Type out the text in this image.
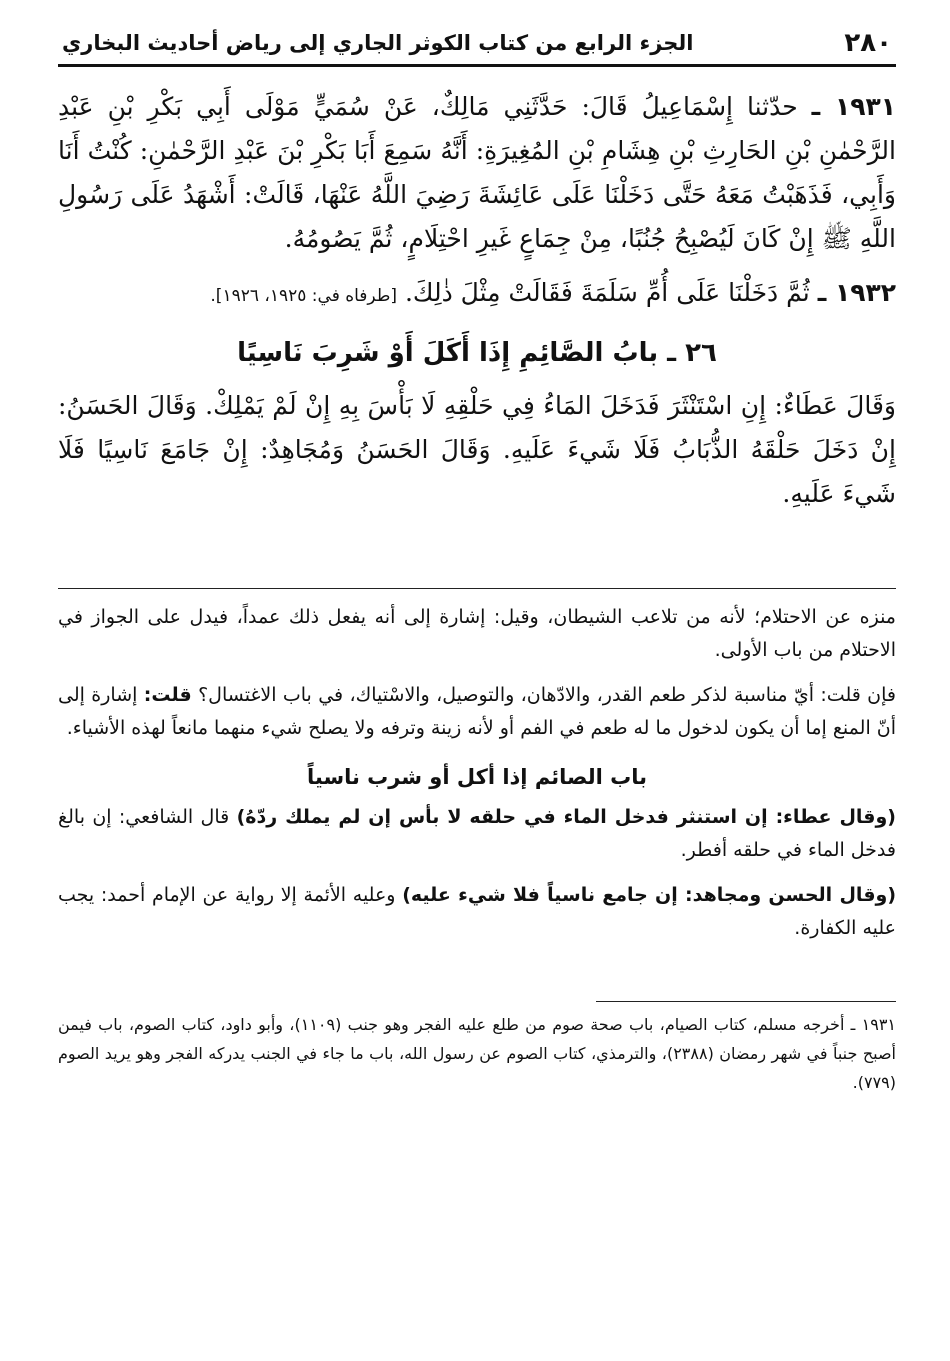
٢٨٠
الجزء الرابع من كتاب الكوثر الجاري إلى رياض أحاديث البخاري

١٩٣١ ـ حدّثنا إِسْمَاعِيلُ قَالَ: حَدَّثَنِي مَالِكٌ، عَنْ سُمَيٍّ مَوْلَى أَبِي بَكْرِ بْنِ عَبْدِ الرَّحْمٰنِ بْنِ الحَارِثِ بْنِ هِشَامِ بْنِ المُغِيرَةِ: أَنَّهُ سَمِعَ أَبَا بَكْرِ بْنَ عَبْدِ الرَّحْمٰنِ: كُنْتُ أَنَا وَأَبِي، فَذَهَبْتُ مَعَهُ حَتَّى دَخَلْنَا عَلَى عَائِشَةَ رَضِيَ اللَّهُ عَنْهَا، قَالَتْ: أَشْهَدُ عَلَى رَسُولِ اللَّهِ ﷺ إِنْ كَانَ لَيُصْبِحُ جُنُبًا، مِنْ جِمَاعٍ غَيرِ احْتِلَامٍ، ثُمَّ يَصُومُهُ.

١٩٣٢ ـ ثُمَّ دَخَلْنَا عَلَى أُمِّ سَلَمَةَ فَقَالَتْ مِثْلَ ذٰلِكَ. [طرفاه في: ١٩٢٥، ١٩٢٦].

٢٦ ـ بابُ الصَّائِمِ إِذَا أَكَلَ أَوْ شَرِبَ نَاسِيًا

وَقَالَ عَطَاءٌ: إِنِ اسْتَنْثَرَ فَدَخَلَ المَاءُ فِي حَلْقِهِ لَا بَأْسَ بِهِ إِنْ لَمْ يَمْلِكْ. وَقَالَ الحَسَنُ: إِنْ دَخَلَ حَلْقَهُ الذُّبَابُ فَلَا شَيءَ عَلَيهِ. وَقَالَ الحَسَنُ وَمُجَاهِدٌ: إِنْ جَامَعَ نَاسِيًا فَلَا شَيءَ عَلَيهِ.

منزه عن الاحتلام؛ لأنه من تلاعب الشيطان، وقيل: إشارة إلى أنه يفعل ذلك عمداً، فيدل على الجواز في الاحتلام من باب الأولى.

فإن قلت: أيّ مناسبة لذكر طعم القدر، والادّهان، والتوصيل، والاسْتياك، في باب الاغتسال؟ قلت: إشارة إلى أنّ المنع إما أن يكون لدخول ما له طعم في الفم أو لأنه زينة وترفه ولا يصلح شيء منهما مانعاً لهذه الأشياء.

باب الصائم إذا أكل أو شرب ناسياً

(وقال عطاء: إن استنثر فدخل الماء في حلقه لا بأس إن لم يملك ردّهُ) قال الشافعي: إن بالغ فدخل الماء في حلقه أفطر.

(وقال الحسن ومجاهد: إن جامع ناسياً فلا شيء عليه) وعليه الأئمة إلا رواية عن الإمام أحمد: يجب عليه الكفارة.

١٩٣١ ـ أخرجه مسلم، كتاب الصيام، باب صحة صوم من طلع عليه الفجر وهو جنب (١١٠٩)، وأبو داود، كتاب الصوم، باب فيمن أصبح جنباً في شهر رمضان (٢٣٨٨)، والترمذي، كتاب الصوم عن رسول الله، باب ما جاء في الجنب يدركه الفجر وهو يريد الصوم (٧٧٩).
